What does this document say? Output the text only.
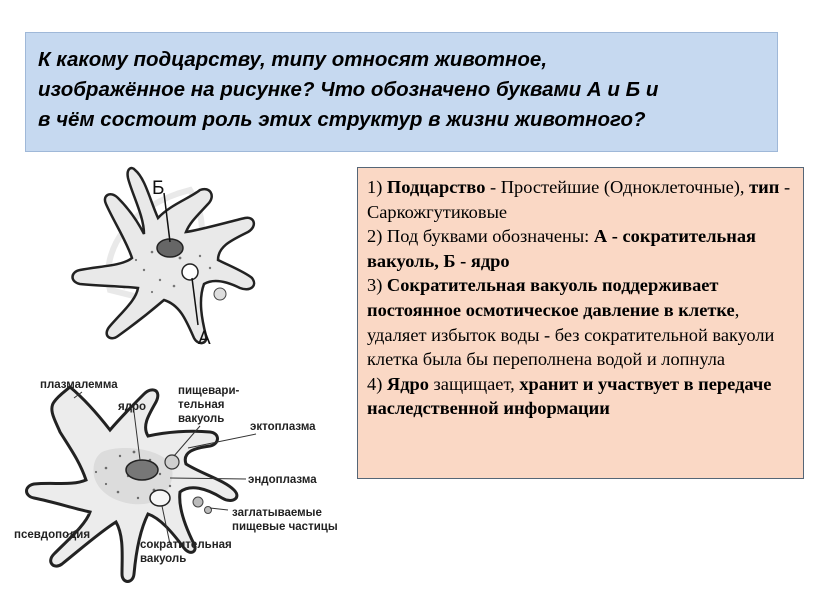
К какому подцарству, типу относят животное,
изображённое на рисунке? Что обозначено буквами А и Б и
в чём состоит роль этих структур в жизни животного?

1) Подцарство - Простейшие (Одноклеточные), тип - Саркожгутиковые

2) Под буквами обозначены: А - сократительная вакуоль, Б - ядро

3) Сократительная вакуоль поддерживает постоянное осмотическое давление в клетке, удаляет избыток воды - без сократительной вакуоли клетка была бы переполнена водой и лопнула

4) Ядро защищает, хранит и участвует в передаче наследственной информации

Б
А
плазмалемма
ядро
пищевари-
тельная
вакуоль
эктоплазма
эндоплазма
заглатываемые
пищевые частицы
псевдоподия
сократительная
вакуоль
